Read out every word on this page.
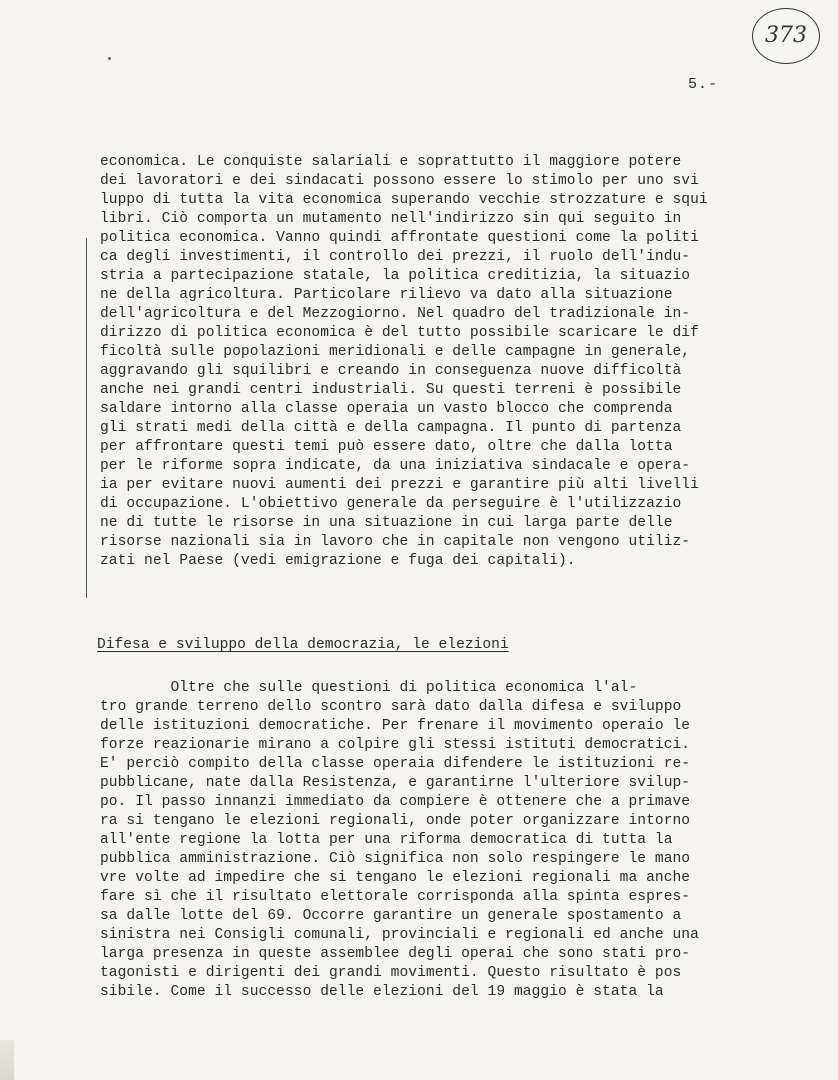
373
5.-
economica. Le conquiste salariali e soprattutto il maggiore potere
dei lavoratori e dei sindacati possono essere lo stimolo per uno svi
luppo di tutta la vita economica superando vecchie strozzature e squi
libri. Ciò comporta un mutamento nell'indirizzo sin qui seguito in
politica economica. Vanno quindi affrontate questioni come la politi
ca degli investimenti, il controllo dei prezzi, il ruolo dell'indu-
stria a partecipazione statale, la politica creditizia, la situazio
ne della agricoltura. Particolare rilievo va dato alla situazione
dell'agricoltura e del Mezzogiorno. Nel quadro del tradizionale in-
dirizzo di politica economica è del tutto possibile scaricare le dif
ficoltà sulle popolazioni meridionali e delle campagne in generale,
aggravando gli squilibri e creando in conseguenza nuove difficoltà
anche nei grandi centri industriali. Su questi terreni è possibile
saldare intorno alla classe operaia un vasto blocco che comprenda
gli strati medi della città e della campagna. Il punto di partenza
per affrontare questi temi può essere dato, oltre che dalla lotta
per le riforme sopra indicate, da una iniziativa sindacale e opera-
ia per evitare nuovi aumenti dei prezzi e garantire più alti livelli
di occupazione. L'obiettivo generale da perseguire è l'utilizzazio
ne di tutte le risorse in una situazione in cui larga parte delle
risorse nazionali sia in lavoro che in capitale non vengono utiliz-
zati nel Paese (vedi emigrazione e fuga dei capitali).
Difesa e sviluppo della democrazia, le elezioni
Oltre che sulle questioni di politica economica l'al-
tro grande terreno dello scontro sarà dato dalla difesa e sviluppo
delle istituzioni democratiche. Per frenare il movimento operaio le
forze reazionarie mirano a colpire gli stessi istituti democratici.
E' perciò compito della classe operaia difendere le istituzioni re-
pubblicane, nate dalla Resistenza, e garantirne l'ulteriore svilup-
po. Il passo innanzi immediato da compiere è ottenere che a primave
ra si tengano le elezioni regionali, onde poter organizzare intorno
all'ente regione la lotta per una riforma democratica di tutta la
pubblica amministrazione. Ciò significa non solo respingere le mano
vre volte ad impedire che si tengano le elezioni regionali ma anche
fare sì che il risultato elettorale corrisponda alla spinta espres-
sa dalle lotte del 69. Occorre garantire un generale spostamento a
sinistra nei Consigli comunali, provinciali e regionali ed anche una
larga presenza in queste assemblee degli operai che sono stati pro-
tagonisti e dirigenti dei grandi movimenti. Questo risultato è pos
sibile. Come il successo delle elezioni del 19 maggio è stata la
